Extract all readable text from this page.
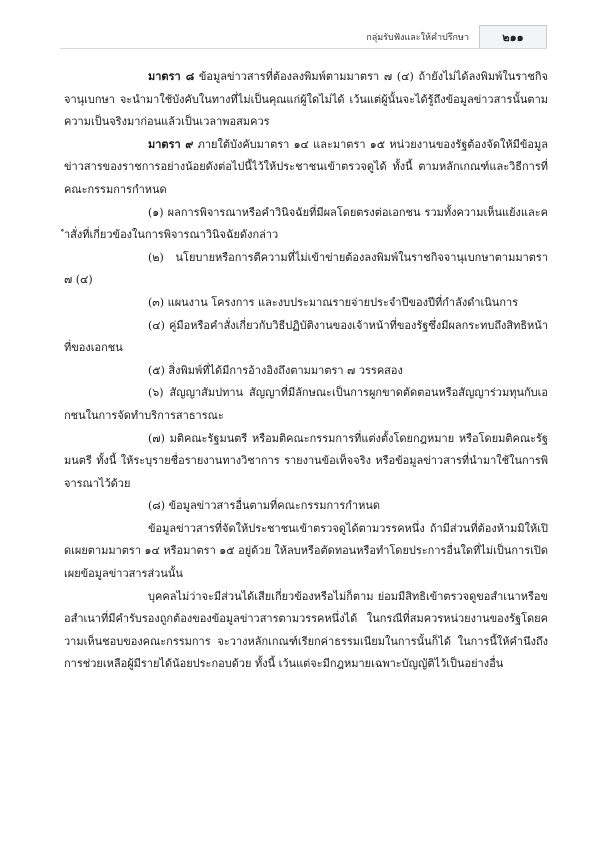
กลุ่มรับฟังและให้คำปรึกษา	๒๑๑

มาตรา ๘ ข้อมูลข่าวสารที่ต้องลงพิมพ์ตามมาตรา ๗ (๔) ถ้ายังไม่ได้ลงพิมพ์ในราชกิจจานุเบกษา จะนำมาใช้บังคับในทางที่ไม่เป็นคุณแก่ผู้ใดไม่ได้ เว้นแต่ผู้นั้นจะได้รู้ถึงข้อมูลข่าวสารนั้นตามความเป็นจริงมาก่อนแล้วเป็นเวลาพอสมควร

มาตรา ๙ ภายใต้บังคับมาตรา ๑๔ และมาตรา ๑๕ หน่วยงานของรัฐต้องจัดให้มีข้อมูลข่าวสารของราชการอย่างน้อยดังต่อไปนี้ไว้ให้ประชาชนเข้าตรวจดูได้ ทั้งนี้ ตามหลักเกณฑ์และวิธีการที่คณะกรรมการกำหนด

(๑) ผลการพิจารณาหรือคำวินิจฉัยที่มีผลโดยตรงต่อเอกชน รวมทั้งความเห็นแย้งและคำสั่งที่เกี่ยวข้องในการพิจารณาวินิจฉัยดังกล่าว

(๒) นโยบายหรือการตีความที่ไม่เข้าข่ายต้องลงพิมพ์ในราชกิจจานุเบกษาตามมาตรา ๗ (๔)

(๓) แผนงาน โครงการ และงบประมาณรายจ่ายประจำปีของปีที่กำลังดำเนินการ

(๔) คู่มือหรือคำสั่งเกี่ยวกับวิธีปฏิบัติงานของเจ้าหน้าที่ของรัฐซึ่งมีผลกระทบถึงสิทธิหน้าที่ของเอกชน

(๕) สิ่งพิมพ์ที่ได้มีการอ้างอิงถึงตามมาตรา ๗ วรรคสอง

(๖) สัญญาสัมปทาน สัญญาที่มีลักษณะเป็นการผูกขาดตัดตอนหรือสัญญาร่วมทุนกับเอกชนในการจัดทำบริการสาธารณะ

(๗) มติคณะรัฐมนตรี หรือมติคณะกรรมการที่แต่งตั้งโดยกฎหมาย หรือโดยมติคณะรัฐมนตรี ทั้งนี้ ให้ระบุรายชื่อรายงานทางวิชาการ รายงานข้อเท็จจริง หรือข้อมูลข่าวสารที่นำมาใช้ในการพิจารณาไว้ด้วย

(๘) ข้อมูลข่าวสารอื่นตามที่คณะกรรมการกำหนด

ข้อมูลข่าวสารที่จัดให้ประชาชนเข้าตรวจดูได้ตามวรรคหนึ่ง ถ้ามีส่วนที่ต้องห้ามมิให้เปิดเผยตามมาตรา ๑๔ หรือมาตรา ๑๕ อยู่ด้วย ให้ลบหรือตัดทอนหรือทำโดยประการอื่นใดที่ไม่เป็นการเปิดเผยข้อมูลข่าวสารส่วนนั้น

บุคคลไม่ว่าจะมีส่วนได้เสียเกี่ยวข้องหรือไม่ก็ตาม ย่อมมีสิทธิเข้าตรวจดูขอสำเนาหรือขอสำเนาที่มีคำรับรองถูกต้องของข้อมูลข่าวสารตามวรรคหนึ่งได้ ในกรณีที่สมควรหน่วยงานของรัฐโดยความเห็นชอบของคณะกรรมการ จะวางหลักเกณฑ์เรียกค่าธรรมเนียมในการนั้นก็ได้ ในการนี้ให้คำนึงถึงการช่วยเหลือผู้มีรายได้น้อยประกอบด้วย ทั้งนี้ เว้นแต่จะมีกฎหมายเฉพาะบัญญัติไว้เป็นอย่างอื่น
